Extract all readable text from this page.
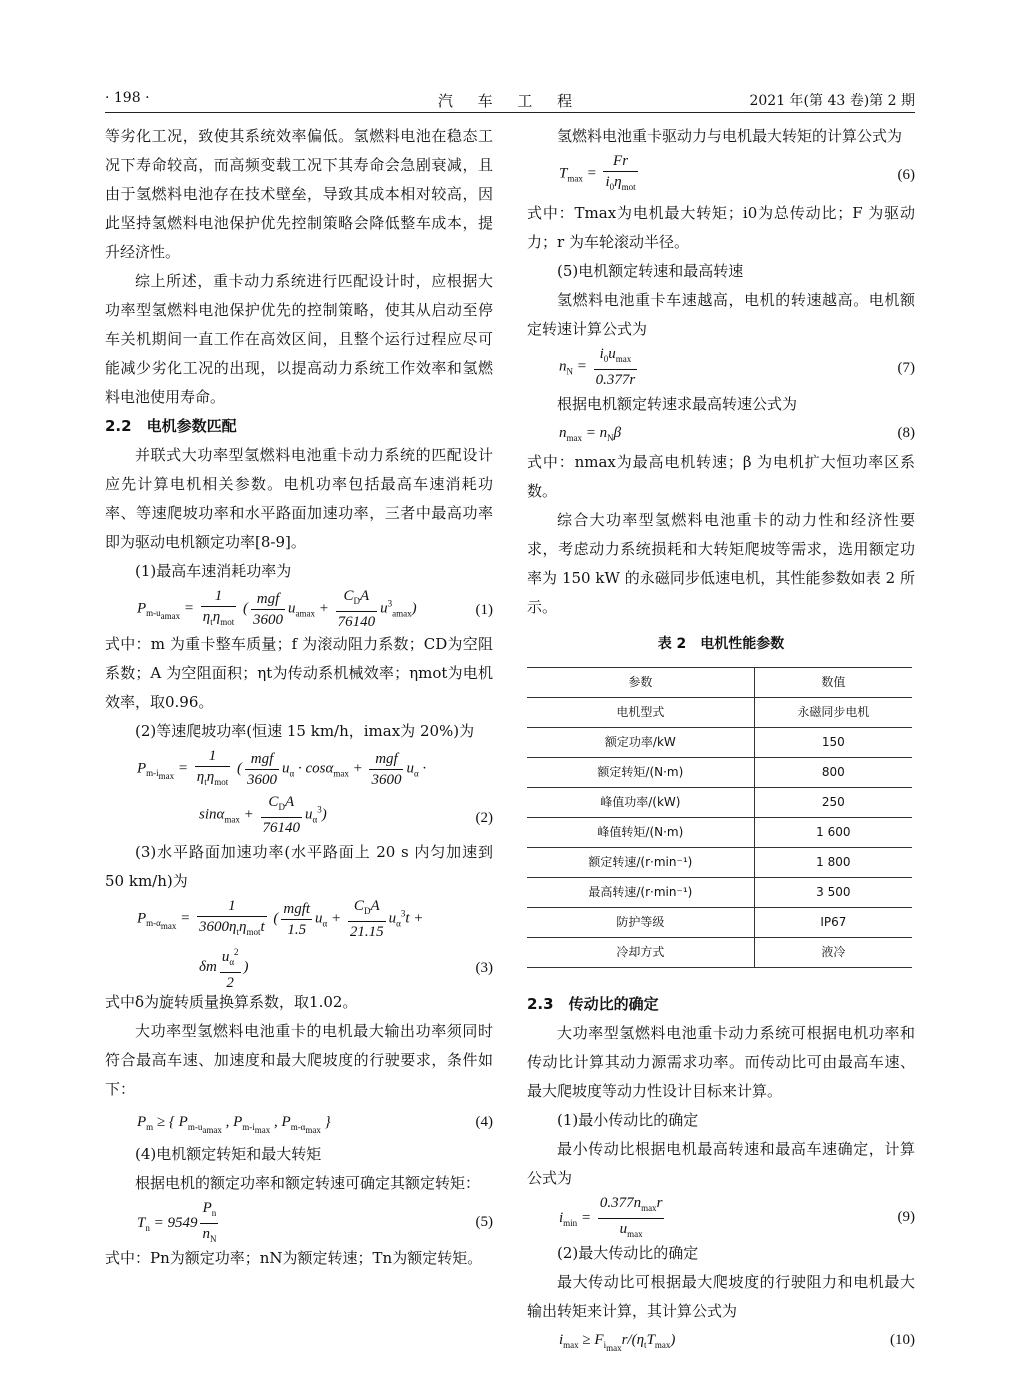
· 198 ·	汽 车 工 程	2021 年(第 43 卷)第 2 期

等劣化工况，致使其系统效率偏低。氢燃料电池在稳态工况下寿命较高，而高频变载工况下其寿命会急剧衰减，且由于氢燃料电池存在技术壁垒，导致其成本相对较高，因此坚持氢燃料电池保护优先控制策略会降低整车成本，提升经济性。

综上所述，重卡动力系统进行匹配设计时，应根据大功率型氢燃料电池保护优先的控制策略，使其从启动至停车关机期间一直工作在高效区间，且整个运行过程应尽可能减少劣化工况的出现，以提高动力系统工作效率和氢燃料电池使用寿命。

2.2　电机参数匹配

并联式大功率型氢燃料电池重卡动力系统的匹配设计应先计算电机相关参数。电机功率包括最高车速消耗功率、等速爬坡功率和水平路面加速功率，三者中最高功率即为驱动电机额定功率[8-9]。

(1)最高车速消耗功率为

$P_{m-u_{amax}} = \frac{1}{\eta_t\eta_{mot}}$ ( $\frac{\text{mgf}}{3600} u_{amax} + \frac{C_DA}{76140} u^3_{amax}$)	(1)

式中：m 为重卡整车质量；f 为滚动阻力系数；CD为空阻系数；A 为空阻面积；ηt为传动系机械效率；ηmot为电机效率，取0.96。

(2)等速爬坡功率(恒速 15 km/h，imax为 20%)为

$P_{m-i_{max}} = \frac{1}{\eta_t\eta_{mot}}$ ( $\frac{\text{mgf}}{3600} u_\alpha \cdot \cos\alpha_{max} + \frac{\text{mgf}}{3600} u_\alpha$ ·
$\sin\alpha_{max} + \frac{C_DA}{76140} u_\alpha^3$)	(2)

(3)水平路面加速功率(水平路面上 20 s 内匀加速到 50 km/h)为

$P_{m-\alpha_{max}} = \frac{1}{3600\eta_t\eta_{mot}t}$ ( $\frac{\text{mgft}}{1.5} u_\alpha + \frac{C_DA}{21.15} u_\alpha^3t$ +
δm $\frac{u_\alpha^2}{2}$ )	(3)

式中δ为旋转质量换算系数，取1.02。

大功率型氢燃料电池重卡的电机最大输出功率须同时符合最高车速、加速度和最大爬坡度的行驶要求，条件如下：

$P_m$ ≥ { $P_{m-u_{amax}}$ , $P_{m-i_{max}}$ , $P_{m-\alpha_{max}}$ }	(4)

(4)电机额定转矩和最大转矩

根据电机的额定功率和额定转速可确定其额定转矩：

$T_n = 9549 \frac{P_n}{n_N}$	(5)

式中：Pn为额定功率；nN为额定转速；Tn为额定转矩。

氢燃料电池重卡驱动力与电机最大转矩的计算公式为

$T_{max} = \frac{Fr}{i_0\eta_{mot}}$	(6)

式中：Tmax为电机最大转矩；i0为总传动比；F 为驱动力；r 为车轮滚动半径。

(5)电机额定转速和最高转速

氢燃料电池重卡车速越高，电机的转速越高。电机额定转速计算公式为

$n_N = \frac{i_0u_{max}}{0.377r}$	(7)

根据电机额定转速求最高转速公式为

$n_{max} = n_N\beta$	(8)

式中：nmax为最高电机转速；β 为电机扩大恒功率区系数。

综合大功率型氢燃料电池重卡的动力性和经济性要求，考虑动力系统损耗和大转矩爬坡等需求，选用额定功率为 150 kW 的永磁同步低速电机，其性能参数如表 2 所示。

表 2　电机性能参数
参数	数值
电机型式	永磁同步电机
额定功率/kW	150
额定转矩/(N·m)	800
峰值功率/(kW)	250
峰值转矩/(N·m)	1 600
额定转速/(r·min⁻¹)	1 800
最高转速/(r·min⁻¹)	3 500
防护等级	IP67
冷却方式	液冷

2.3　传动比的确定

大功率型氢燃料电池重卡动力系统可根据电机功率和传动比计算其动力源需求功率。而传动比可由最高车速、最大爬坡度等动力性设计目标来计算。

(1)最小传动比的确定

最小传动比根据电机最高转速和最高车速确定，计算公式为

$i_{min} = \frac{0.377n_{max}r}{u_{max}}$	(9)

(2)最大传动比的确定

最大传动比可根据最大爬坡度的行驶阻力和电机最大输出转矩来计算，其计算公式为

$i_{max} \ge F_{i_{max}}r/(\eta_tT_{max})$	(10)
